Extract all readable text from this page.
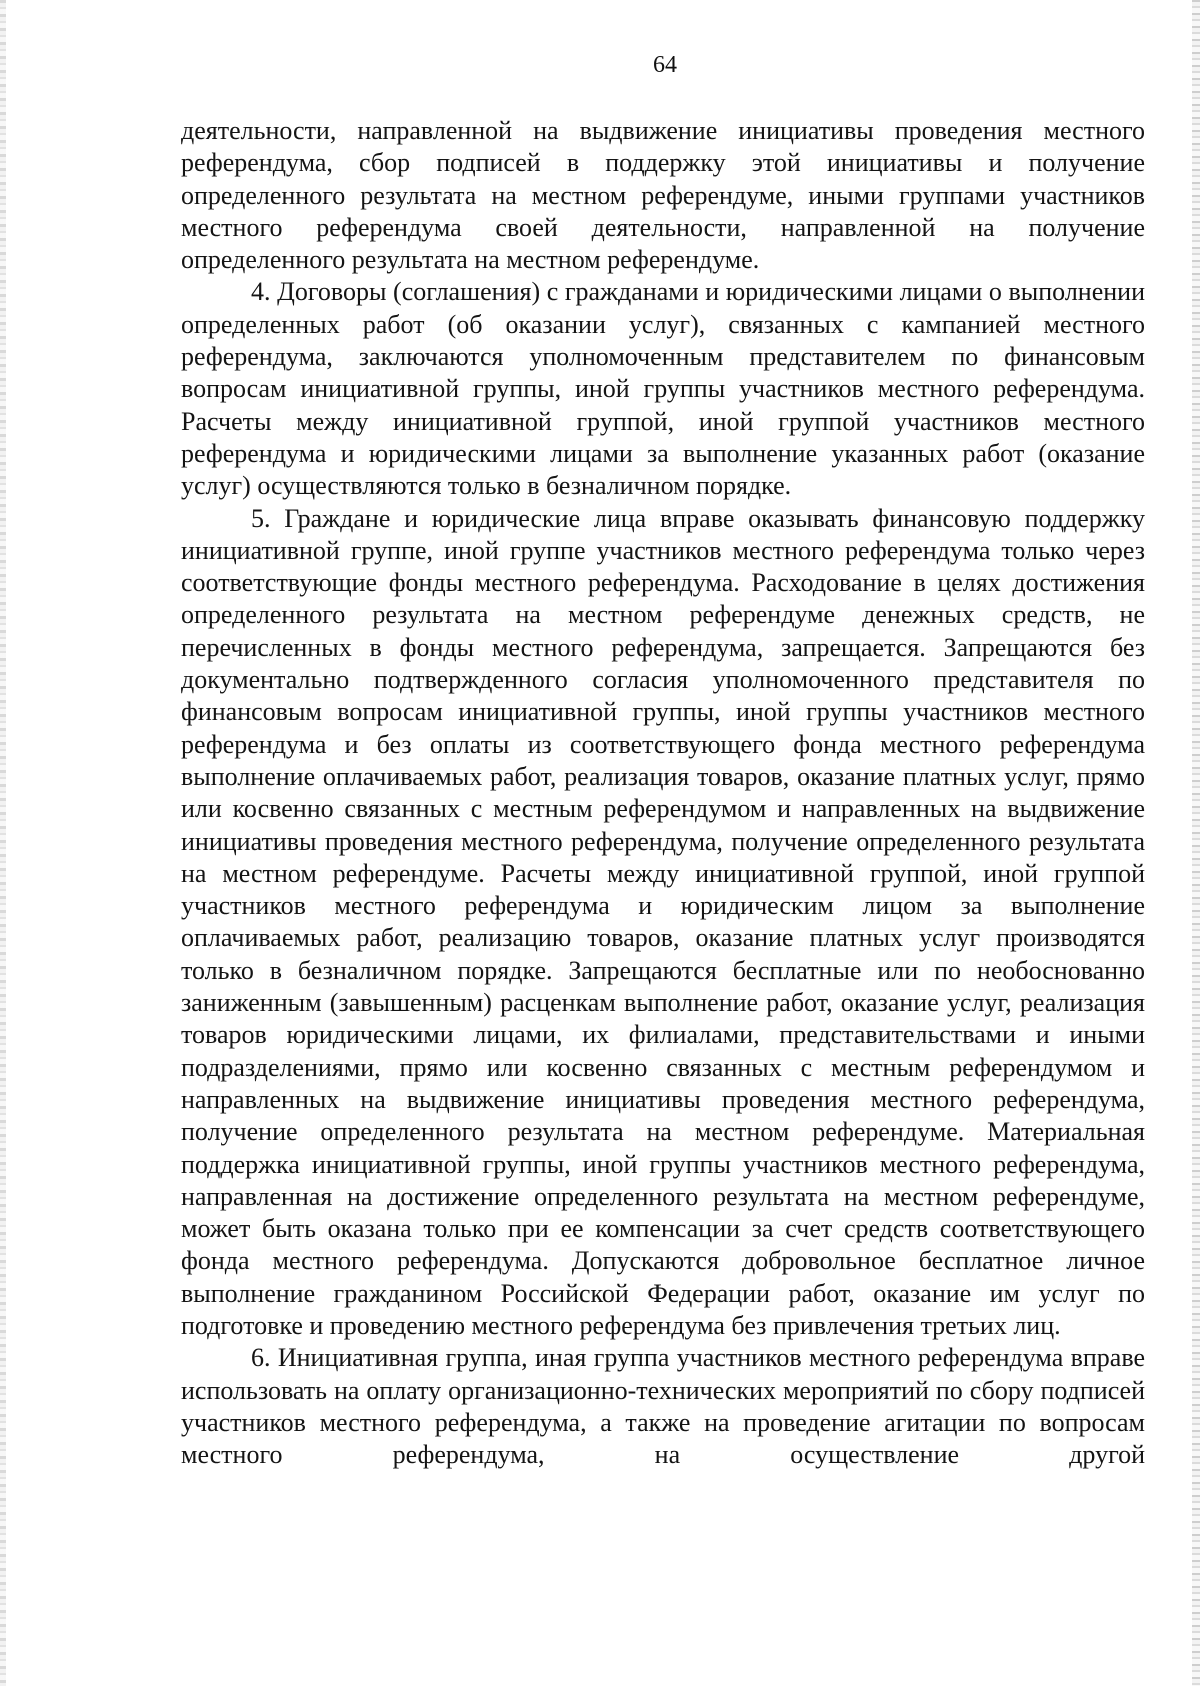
64

деятельности, направленной на выдвижение инициативы проведения местного референдума, сбор подписей в поддержку этой инициативы и получение определенного результата на местном референдуме, иными группами участников местного референдума своей деятельности, направленной на получение определенного результата на местном референдуме.

4. Договоры (соглашения) с гражданами и юридическими лицами о выполнении определенных работ (об оказании услуг), связанных с кампанией местного референдума, заключаются уполномоченным представителем по финансовым вопросам инициативной группы, иной группы участников местного референдума. Расчеты между инициативной группой, иной группой участников местного референдума и юридическими лицами за выполнение указанных работ (оказание услуг) осуществляются только в безналичном порядке.

5. Граждане и юридические лица вправе оказывать финансовую поддержку инициативной группе, иной группе участников местного референдума только через соответствующие фонды местного референдума. Расходование в целях достижения определенного результата на местном референдуме денежных средств, не перечисленных в фонды местного референдума, запрещается. Запрещаются без документально подтвержденного согласия уполномоченного представителя по финансовым вопросам инициативной группы, иной группы участников местного референдума и без оплаты из соответствующего фонда местного референдума выполнение оплачиваемых работ, реализация товаров, оказание платных услуг, прямо или косвенно связанных с местным референдумом и направленных на выдвижение инициативы проведения местного референдума, получение определенного результата на местном референдуме. Расчеты между инициативной группой, иной группой участников местного референдума и юридическим лицом за выполнение оплачиваемых работ, реализацию товаров, оказание платных услуг производятся только в безналичном порядке. Запрещаются бесплатные или по необоснованно заниженным (завышенным) расценкам выполнение работ, оказание услуг, реализация товаров юридическими лицами, их филиалами, представительствами и иными подразделениями, прямо или косвенно связанных с местным референдумом и направленных на выдвижение инициативы проведения местного референдума, получение определенного результата на местном референдуме. Материальная поддержка инициативной группы, иной группы участников местного референдума, направленная на достижение определенного результата на местном референдуме, может быть оказана только при ее компенсации за счет средств соответствующего фонда местного референдума. Допускаются добровольное бесплатное личное выполнение гражданином Российской Федерации работ, оказание им услуг по подготовке и проведению местного референдума без привлечения третьих лиц.

6. Инициативная группа, иная группа участников местного референдума вправе использовать на оплату организационно-технических мероприятий по сбору подписей участников местного референдума, а также на проведение агитации по вопросам местного референдума, на осуществление другой
